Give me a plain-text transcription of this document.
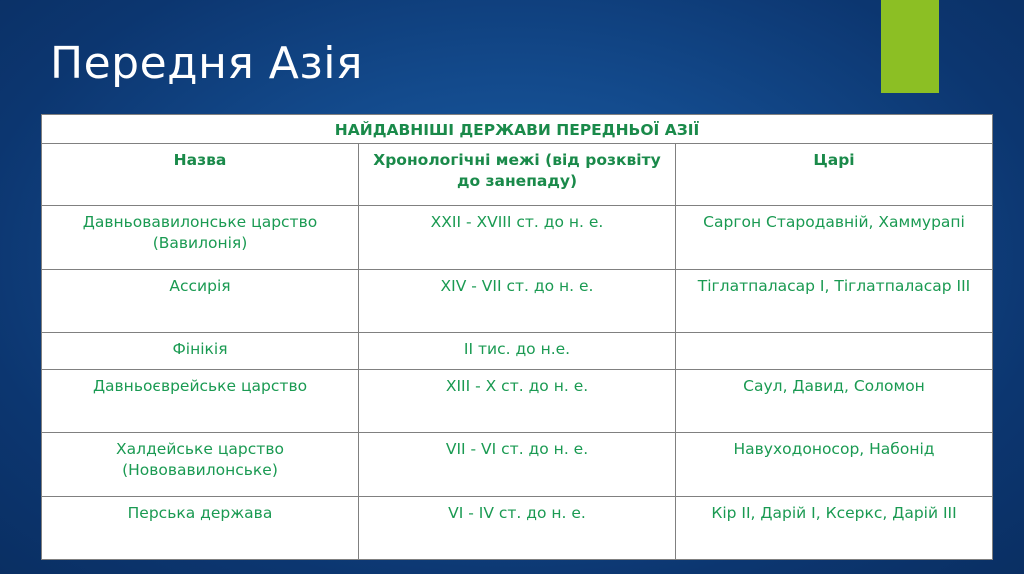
Передня Азія
НАЙДАВНІШІ ДЕРЖАВИ ПЕРЕДНЬОЇ АЗІЇ		
Назва	Хронологічні межі (від розквіту до занепаду)	Царі
Давньовавилонське царство (Вавилонія)	XXII - XVIII ст. до н. е.	Саргон Стародавній, Хаммурапі
Ассирія	XIV - VII ст. до н. е.	Тіглатпаласар I, Тіглатпаласар III
Фінікія	II тис. до н.е.	
Давньоєврейське царство	XIII - X ст. до н. е.	Саул, Давид, Соломон
Халдейське царство (Нововавилонське)	VII - VI ст. до н. е.	Навуходоносор, Набонід
Перська держава	VI - IV ст. до н. е.	Кір II, Дарій I, Ксеркс, Дарій III
